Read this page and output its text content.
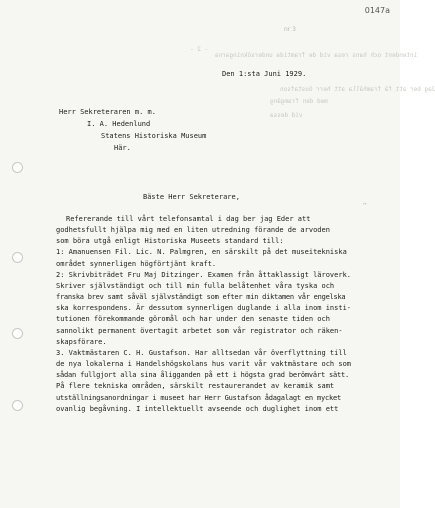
0147a
nr 3
- 2 -
intendent och hans resa vid de framtida undersökningarna
Jag ber att få framhålla att herr Gustafson
med den framgång
vid dessa
Den 1:sta Juni 1929.
Herr Sekreteraren m. m.
I. A. Hedenlund
Statens Historiska Museum
Här.
Bäste Herr Sekreterare,

Refererande till vårt telefonsamtal i dag ber jag Eder att

godhetsfullt hjälpa mig med en liten utredning förande de arvoden

som böra utgå enligt Historiska Museets standard till:

1: Amanuensen Fil. Lic. N. Palmgren, en särskilt på det museitekniska

området synnerligen högförtjänt kraft.

2: Skrivbiträdet Fru Maj Ditzinger. Examen från åttaklassigt läroverk.

Skriver självständigt och till min fulla belåtenhet våra tyska och

franska brev samt såväl självständigt som efter min diktamen vår engelska

ska korrespondens. Är dessutom synnerligen duglande i alla inom insti-

tutionen förekommande göromål och har under den senaste tiden och

sannolikt permanent övertagit arbetet som vår registrator och räken-

skapsförare.

3. Vaktmästaren C. H. Gustafson. Har alltsedan vår överflyttning till

de nya lokalerna i Handelshögskolans hus varit vår vaktmästare och som

sådan fullgjort alla sina åligganden på ett i högsta grad berömvärt sätt.

På flere tekniska områden, särskilt restaurerandet av keramik samt

utställningsanordningar i museet har Herr Gustafson ådagalagt en mycket

ovanlig begåvning. I intellektuellt avseende och duglighet inom ett

,,
